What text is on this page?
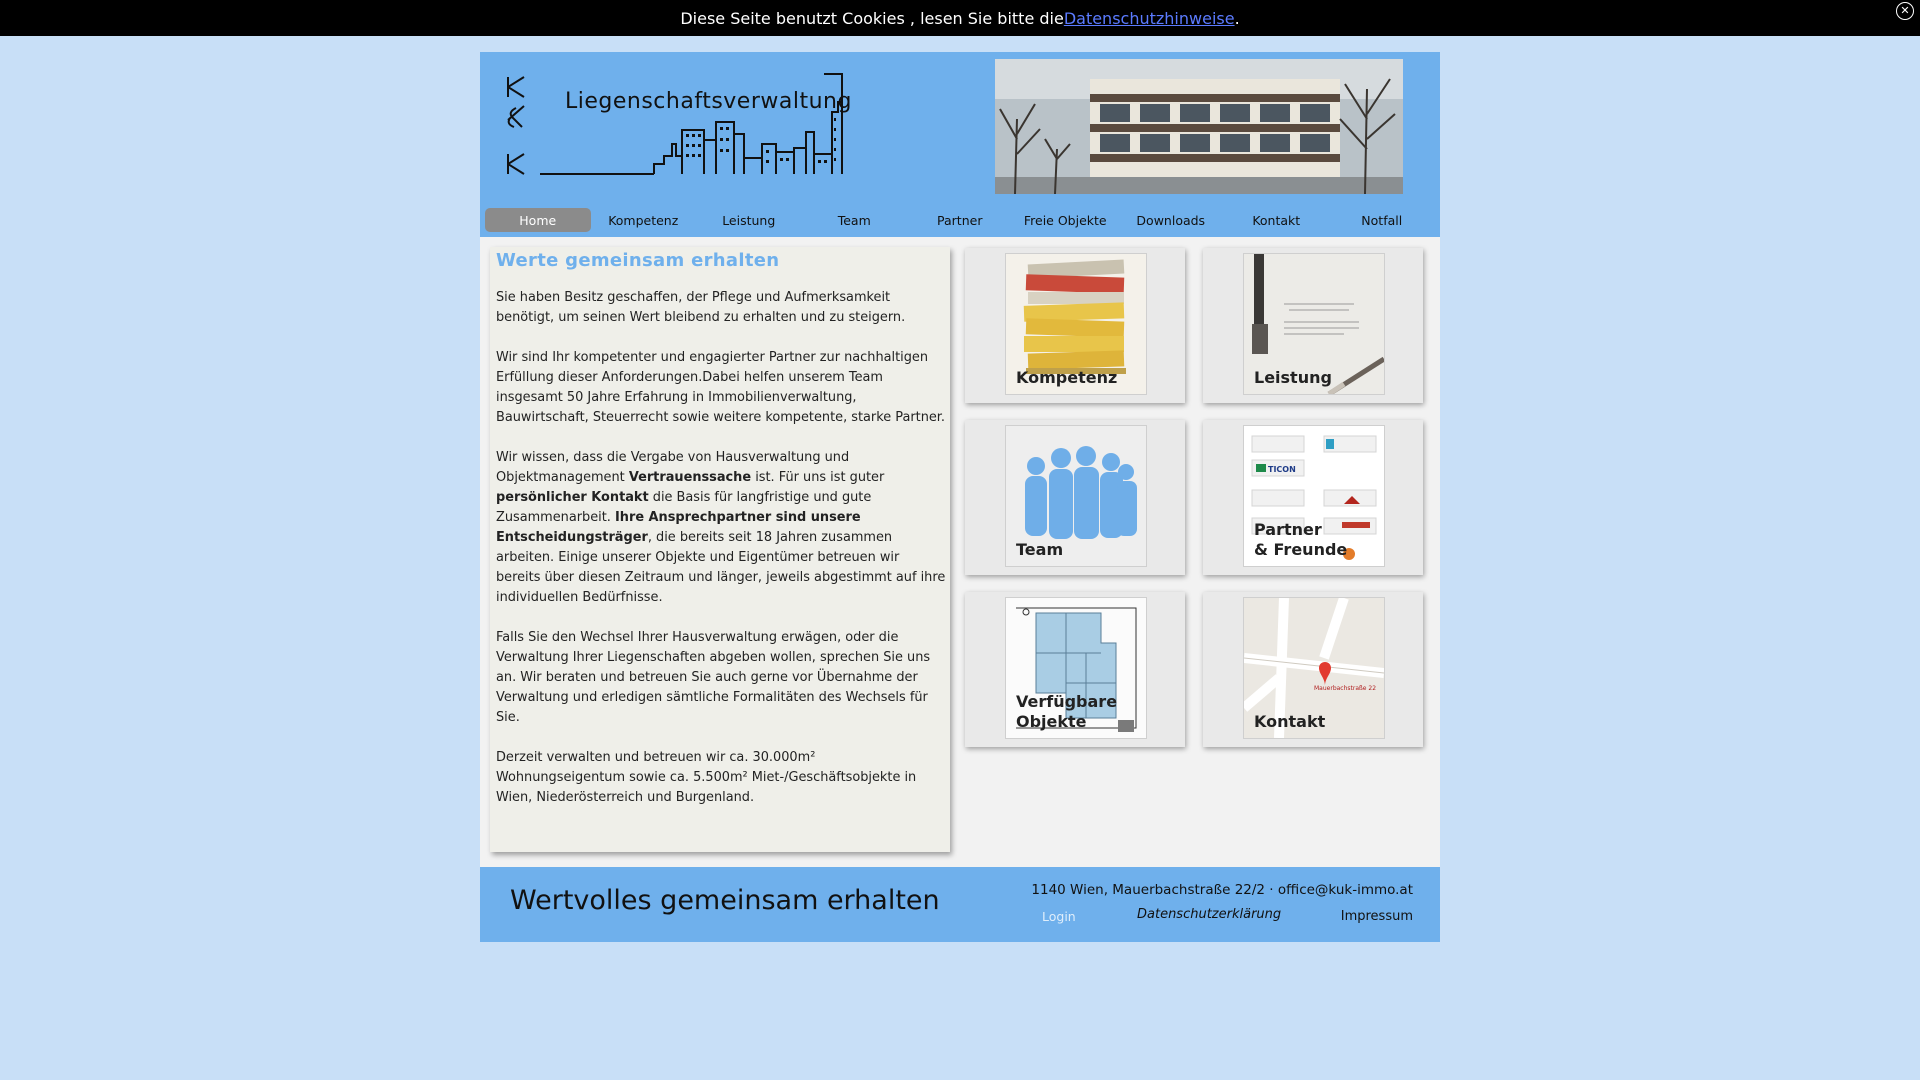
Diese Seite benutzt Cookies , lesen Sie bitte die Datenschutzhinweise .	✕
Liegenschaftsverwaltung
Home	Kompetenz	Leistung	Team	Partner	Freie Objekte	Downloads	Kontakt	Notfall
Werte gemeinsam erhalten

Sie haben Besitz geschaffen, der Pflege und Aufmerksamkeit benötigt, um seinen Wert bleibend zu erhalten und zu steigern.

Wir sind Ihr kompetenter und engagierter Partner zur nachhaltigen Erfüllung dieser Anforderungen.Dabei helfen unserem Team insgesamt 50 Jahre Erfahrung in Immobilienverwaltung, Bauwirtschaft, Steuerrecht sowie weitere kompetente, starke Partner.

Wir wissen, dass die Vergabe von Hausverwaltung und Objektmanagement Vertrauenssache ist. Für uns ist guter persönlicher Kontakt die Basis für langfristige und gute Zusammenarbeit. Ihre Ansprechpartner sind unsere Entscheidungsträger, die bereits seit 18 Jahren zusammen arbeiten. Einige unserer Objekte und Eigentümer betreuen wir bereits über diesen Zeitraum und länger, jeweils abgestimmt auf ihre individuellen Bedürfnisse.

Falls Sie den Wechsel Ihrer Hausverwaltung erwägen, oder die Verwaltung Ihrer Liegenschaften abgeben wollen, sprechen Sie uns an. Wir beraten und betreuen Sie auch gerne vor Übernahme der Verwaltung und erledigen sämtliche Formalitäten des Wechsels für Sie.

Derzeit verwalten und betreuen wir ca. 30.000m² Wohnungseigentum sowie ca. 5.500m² Miet-/Geschäftsobjekte in Wien, Niederösterreich und Burgenland.

Kompetenz	Leistung
Team
TICON
Partner
& Freunde
Verfügbare
Objekte
Mauerbachstraße 22
Kontakt
Wertvolles gemeinsam erhalten	1140 Wien, Mauerbachstraße 22/2 · office@kuk-immo.at
Login	Datenschutzerklärung	Impressum
